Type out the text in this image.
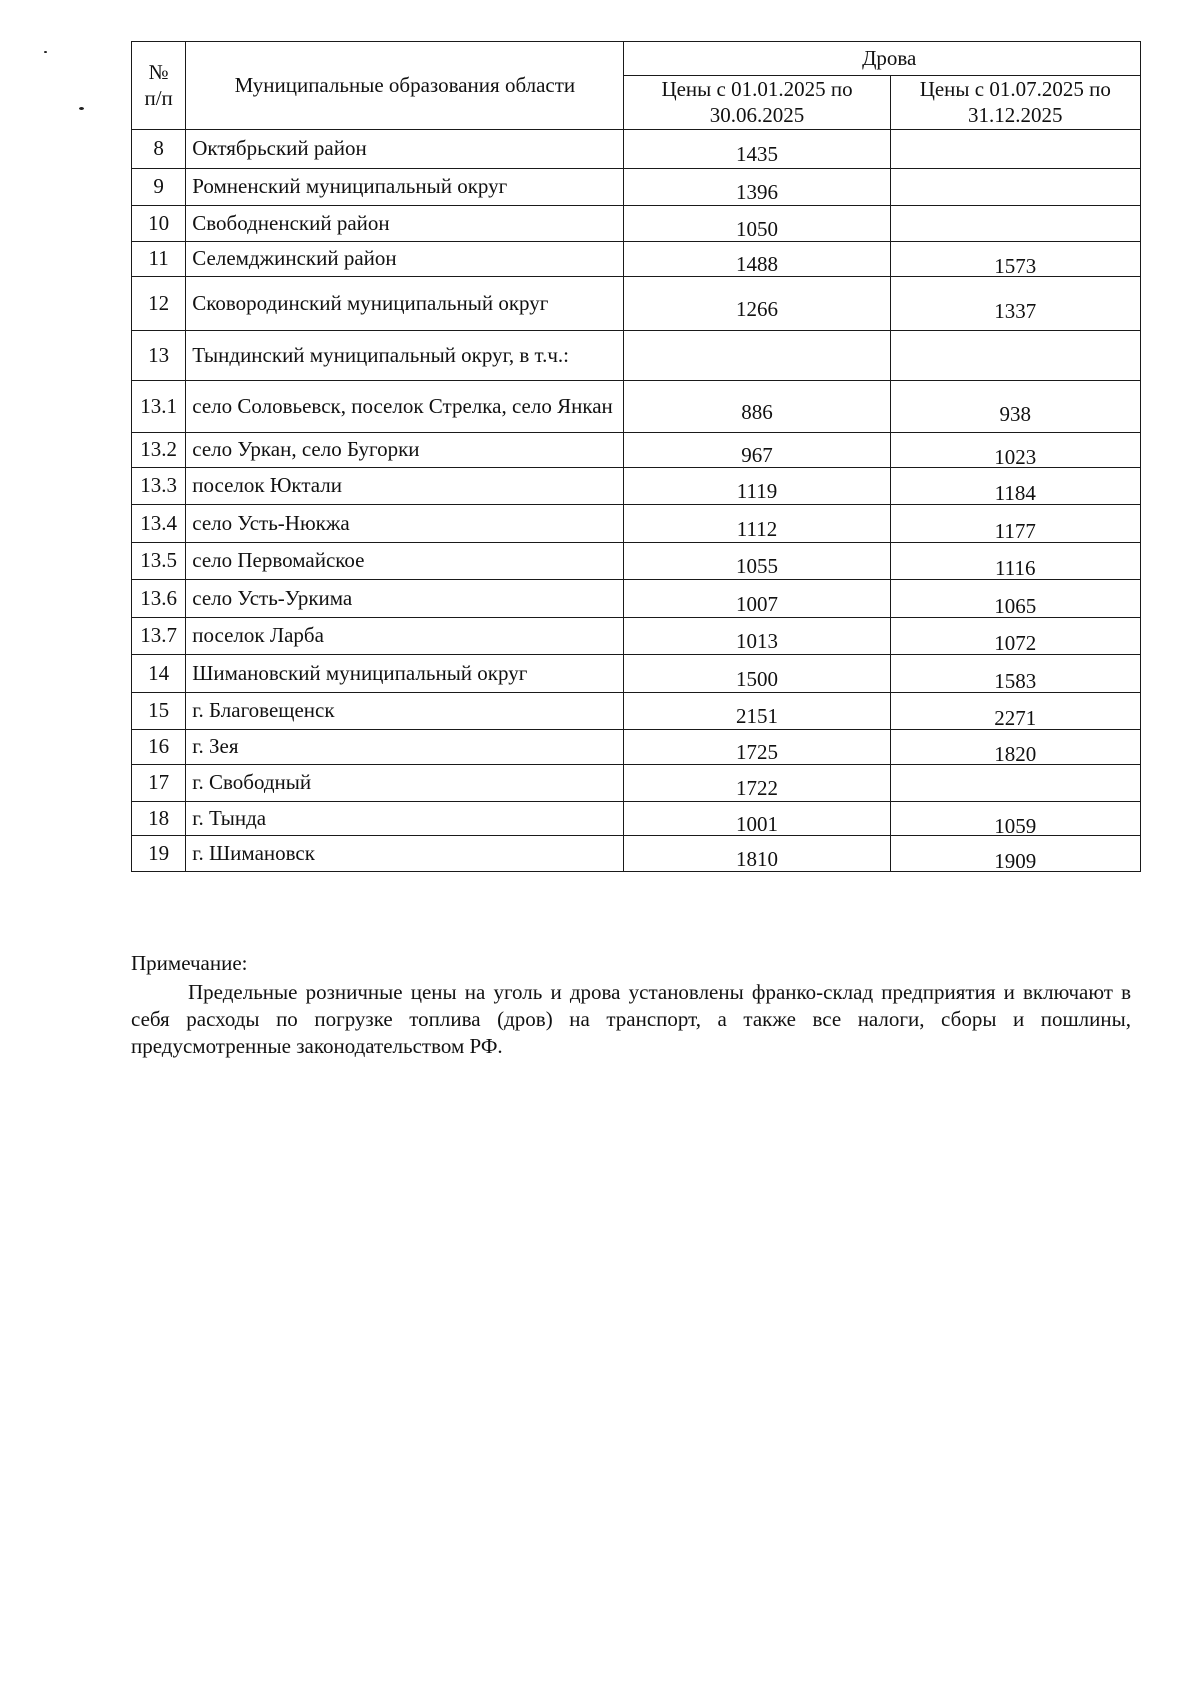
№ п/п	Муниципальные образования области	Дрова	
		Цены с 01.01.2025 по 30.06.2025	Цены с 01.07.2025 по 31.12.2025
8	Октябрьский район	1435	
9	Ромненский муниципальный округ	1396	
10	Свободненский район	1050	
11	Селемджинский район	1488	1573
12	Сковородинский муниципальный округ	1266	1337
13	Тындинский муниципальный округ, в т.ч.:		
13.1	село Соловьевск, поселок Стрелка, село Янкан	886	938
13.2	село Уркан, село Бугорки	967	1023
13.3	поселок Юктали	1119	1184
13.4	село Усть-Нюкжа	1112	1177
13.5	село Первомайское	1055	1116
13.6	село Усть-Уркима	1007	1065
13.7	поселок Ларба	1013	1072
14	Шимановский муниципальный округ	1500	1583
15	г. Благовещенск	2151	2271
16	г. Зея	1725	1820
17	г. Свободный	1722	
18	г. Тында	1001	1059
19	г. Шимановск	1810	1909

Примечание:

Предельные розничные цены на уголь и дрова установлены франко-склад предприятия и включают в себя расходы по погрузке топлива (дров) на транспорт, а также все налоги, сборы и пошлины, предусмотренные законодательством РФ.
